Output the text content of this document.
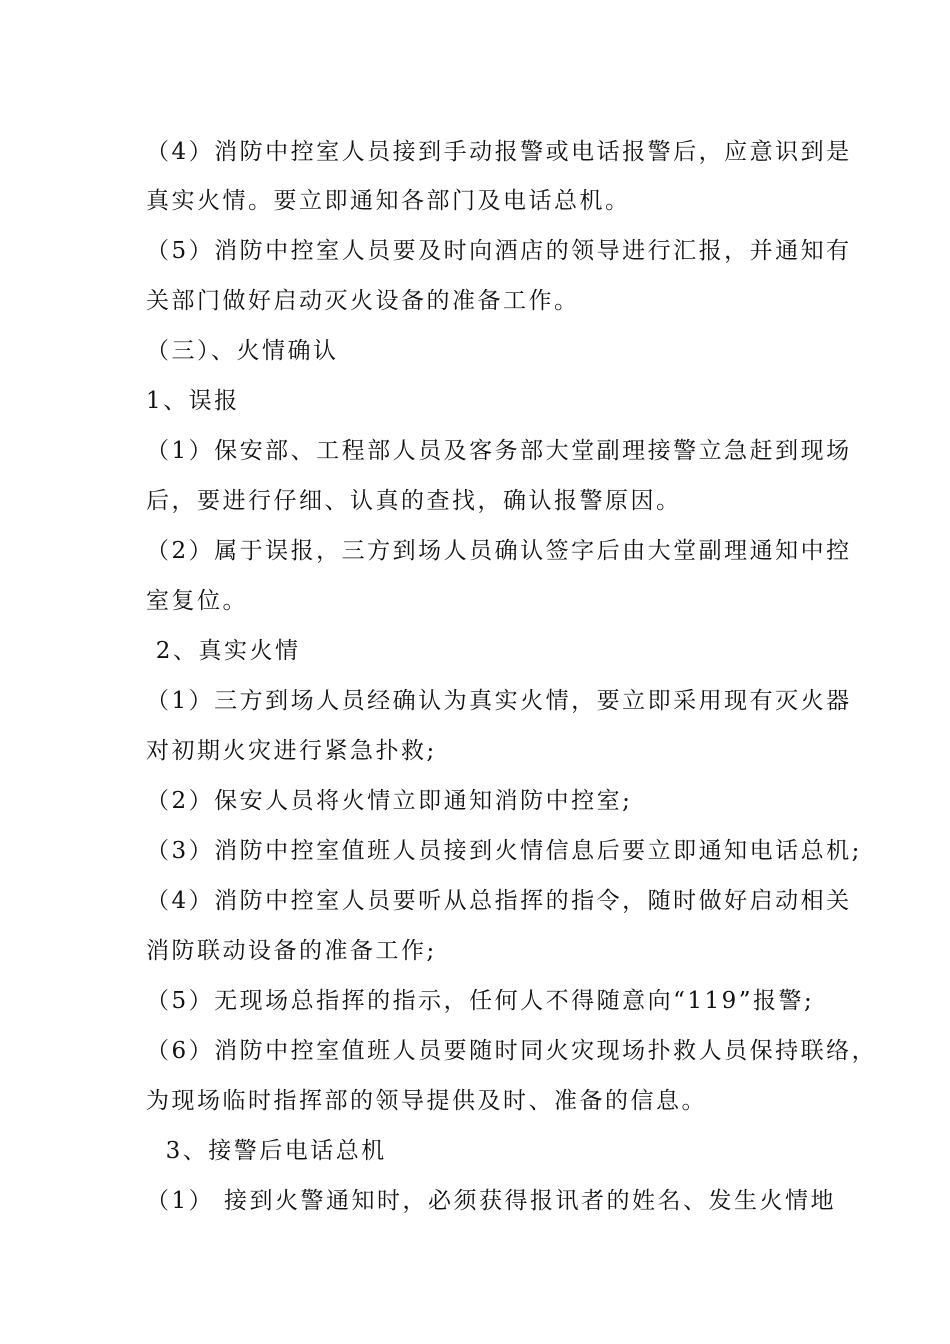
（4）消防中控室人员接到手动报警或电话报警后，应意识到是
真实火情。要立即通知各部门及电话总机。
（5）消防中控室人员要及时向酒店的领导进行汇报，并通知有
关部门做好启动灭火设备的准备工作。
（三）、火情确认
1、误报
（1）保安部、工程部人员及客务部大堂副理接警立急赶到现场
后，要进行仔细、认真的查找，确认报警原因。
（2）属于误报，三方到场人员确认签字后由大堂副理通知中控
室复位。
2、真实火情
（1）三方到场人员经确认为真实火情，要立即采用现有灭火器
对初期火灾进行紧急扑救;
（2）保安人员将火情立即通知消防中控室;
（3）消防中控室值班人员接到火情信息后要立即通知电话总机;
（4）消防中控室人员要听从总指挥的指令，随时做好启动相关
消防联动设备的准备工作;
（5）无现场总指挥的指示，任何人不得随意向“119”报警;
（6）消防中控室值班人员要随时同火灾现场扑救人员保持联络，
为现场临时指挥部的领导提供及时、准备的信息。
3、接警后电话总机
（1） 接到火警通知时，必须获得报讯者的姓名、发生火情地
